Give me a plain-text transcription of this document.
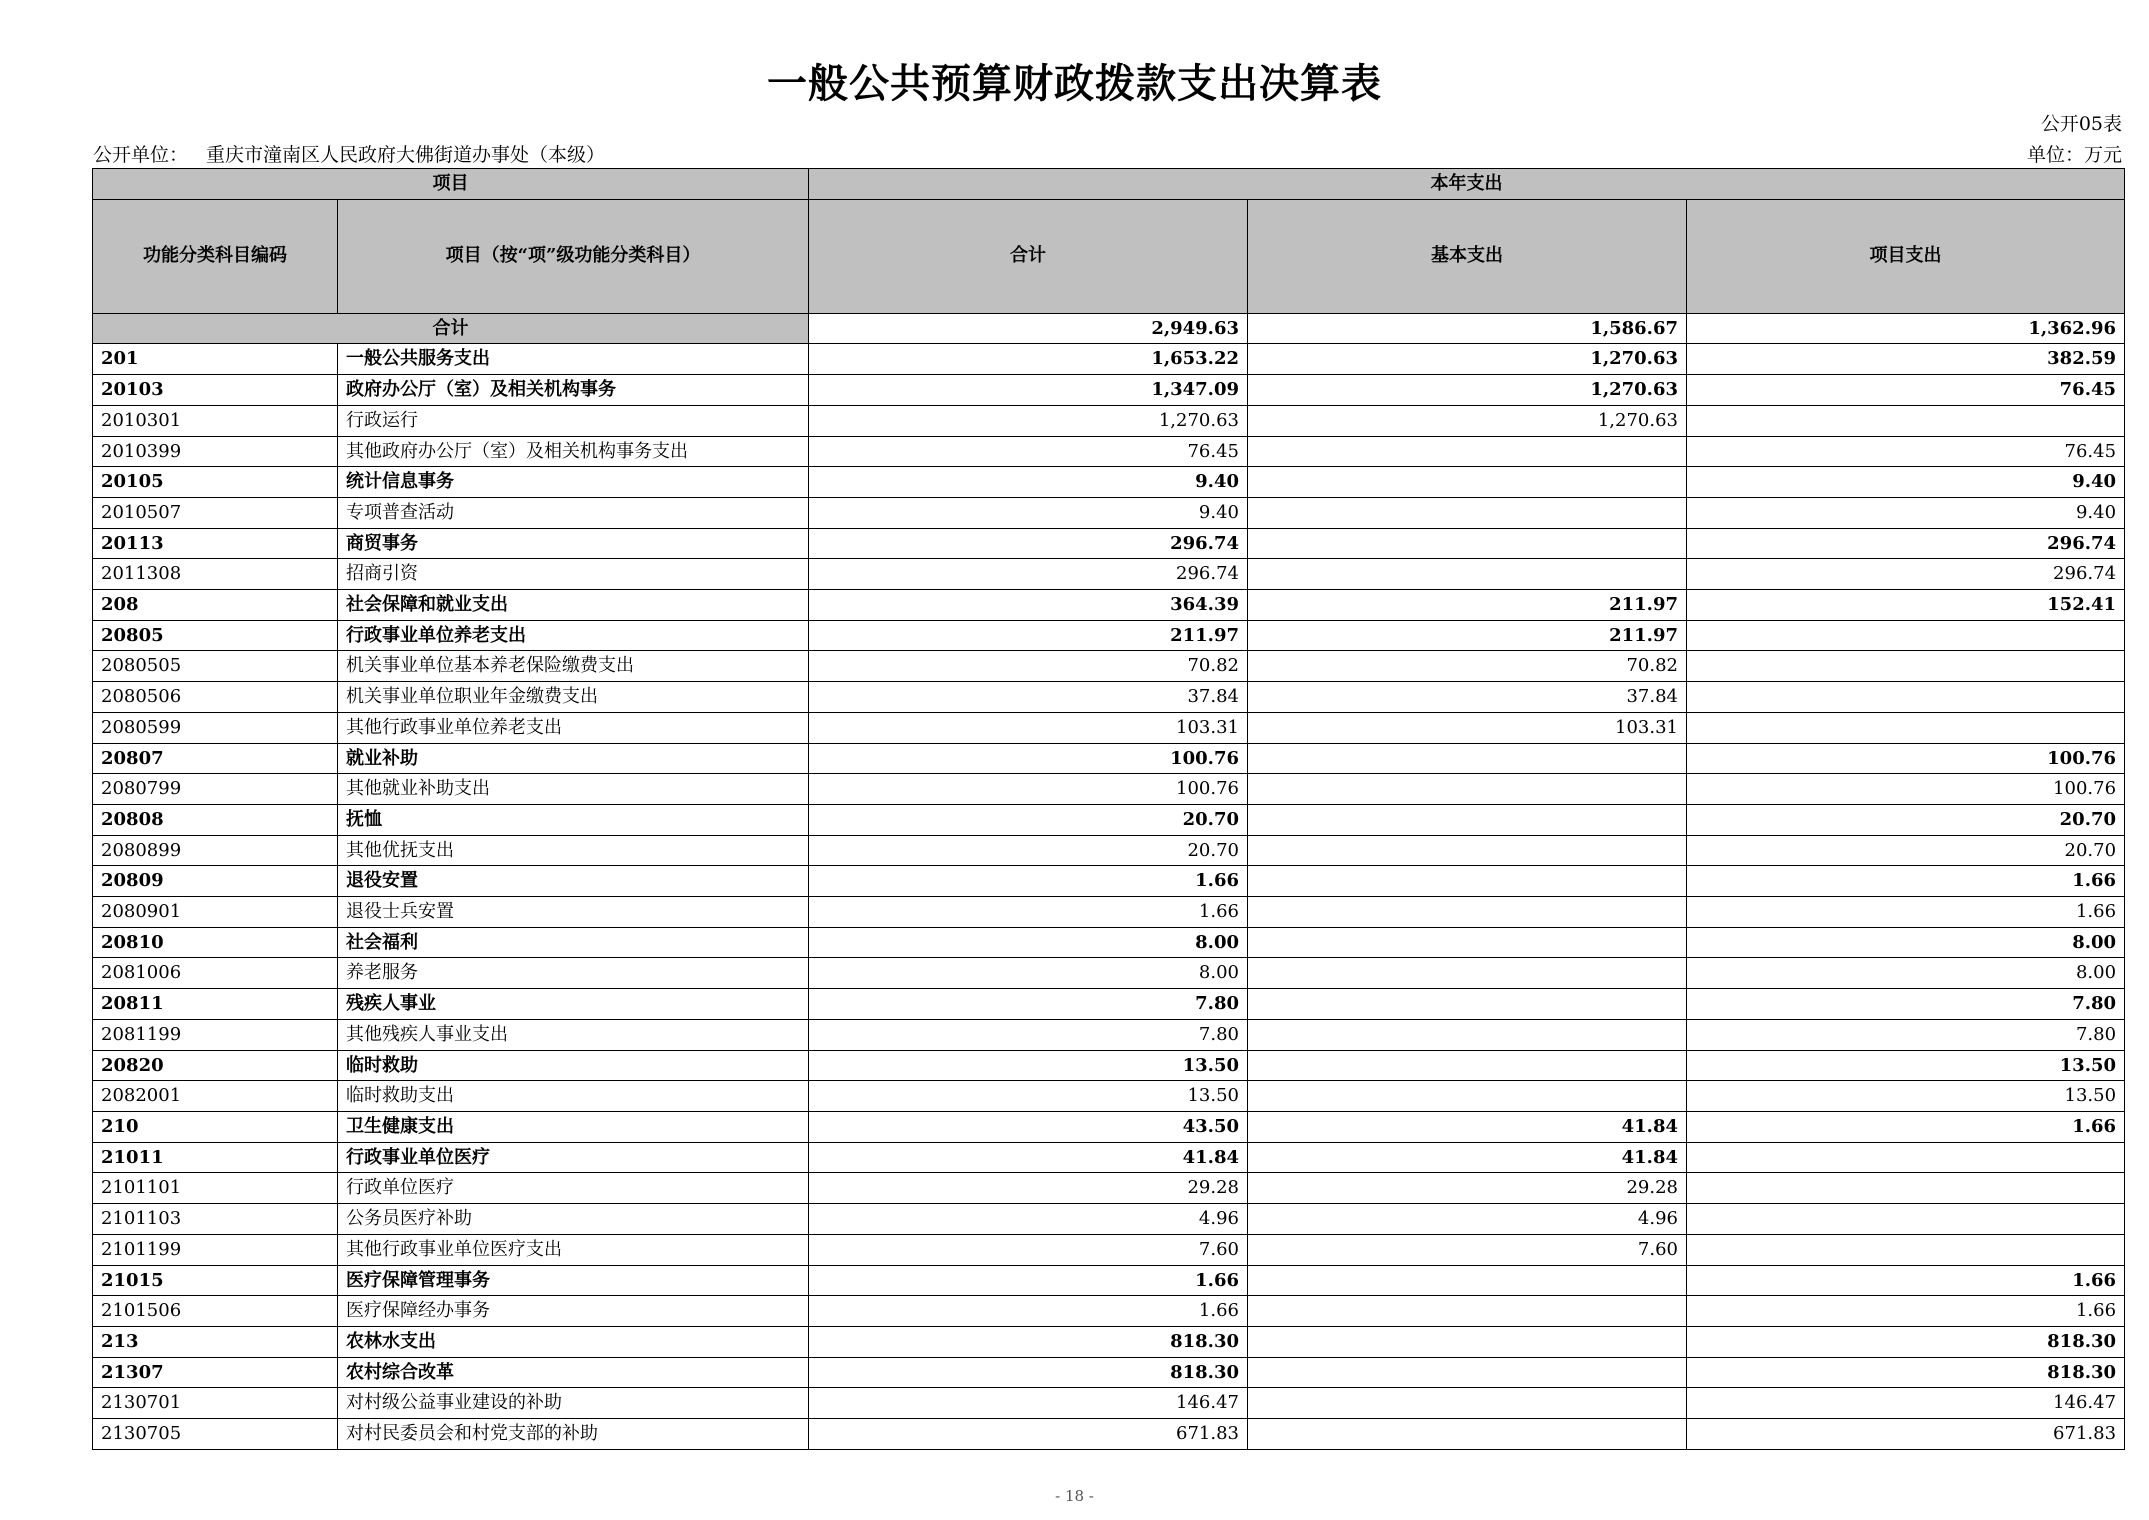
一般公共预算财政拨款支出决算表
公开05表
公开单位： 重庆市潼南区人民政府大佛街道办事处（本级）	单位：万元
项目		本年支出		
功能分类科目编码	项目（按“项”级功能分类科目）	合计	基本支出	项目支出
合计		2,949.63	1,586.67	1,362.96
201	一般公共服务支出	1,653.22	1,270.63	382.59
20103	政府办公厅（室）及相关机构事务	1,347.09	1,270.63	76.45
2010301	行政运行	1,270.63	1,270.63	
2010399	其他政府办公厅（室）及相关机构事务支出	76.45		76.45
20105	统计信息事务	9.40		9.40
2010507	专项普查活动	9.40		9.40
20113	商贸事务	296.74		296.74
2011308	招商引资	296.74		296.74
208	社会保障和就业支出	364.39	211.97	152.41
20805	行政事业单位养老支出	211.97	211.97	
2080505	机关事业单位基本养老保险缴费支出	70.82	70.82	
2080506	机关事业单位职业年金缴费支出	37.84	37.84	
2080599	其他行政事业单位养老支出	103.31	103.31	
20807	就业补助	100.76		100.76
2080799	其他就业补助支出	100.76		100.76
20808	抚恤	20.70		20.70
2080899	其他优抚支出	20.70		20.70
20809	退役安置	1.66		1.66
2080901	退役士兵安置	1.66		1.66
20810	社会福利	8.00		8.00
2081006	养老服务	8.00		8.00
20811	残疾人事业	7.80		7.80
2081199	其他残疾人事业支出	7.80		7.80
20820	临时救助	13.50		13.50
2082001	临时救助支出	13.50		13.50
210	卫生健康支出	43.50	41.84	1.66
21011	行政事业单位医疗	41.84	41.84	
2101101	行政单位医疗	29.28	29.28	
2101103	公务员医疗补助	4.96	4.96	
2101199	其他行政事业单位医疗支出	7.60	7.60	
21015	医疗保障管理事务	1.66		1.66
2101506	医疗保障经办事务	1.66		1.66
213	农林水支出	818.30		818.30
21307	农村综合改革	818.30		818.30
2130701	对村级公益事业建设的补助	146.47		146.47
2130705	对村民委员会和村党支部的补助	671.83		671.83
- 18 -
